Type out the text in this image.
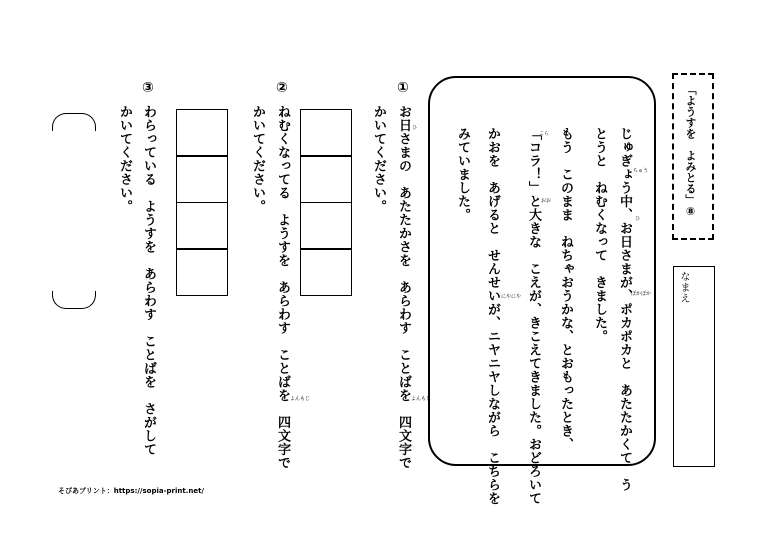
「ようすを　よみとる」⑧
なまえ
じゅぎょう中、お日さまが、ポカポカと　あたたかくて　う
とうと　ねむくなって　きました。
もう　このまま　ねちゃおうかな、とおもったとき、
「コラ！」と大きな　こえが、きこえてきました。おどろいて
かおを　あげると　せんせいが、ニヤニヤしながら　こちらを
みていました。	ちゅう
ひ
ぽかぽか
こら
おお
にやにや
①
お日さまの　あたたかさを　あらわす　ことばを　四文字で
かいてください。	ひ
よんもじ
②
ねむくなってる　ようすを　あらわす　ことばを　四文字で
かいてください。
よんもじ
③
わらっている　ようすを　あらわす　ことばを　さがして
かいてください。
そぴあプリント：https://sopia-print.net/
